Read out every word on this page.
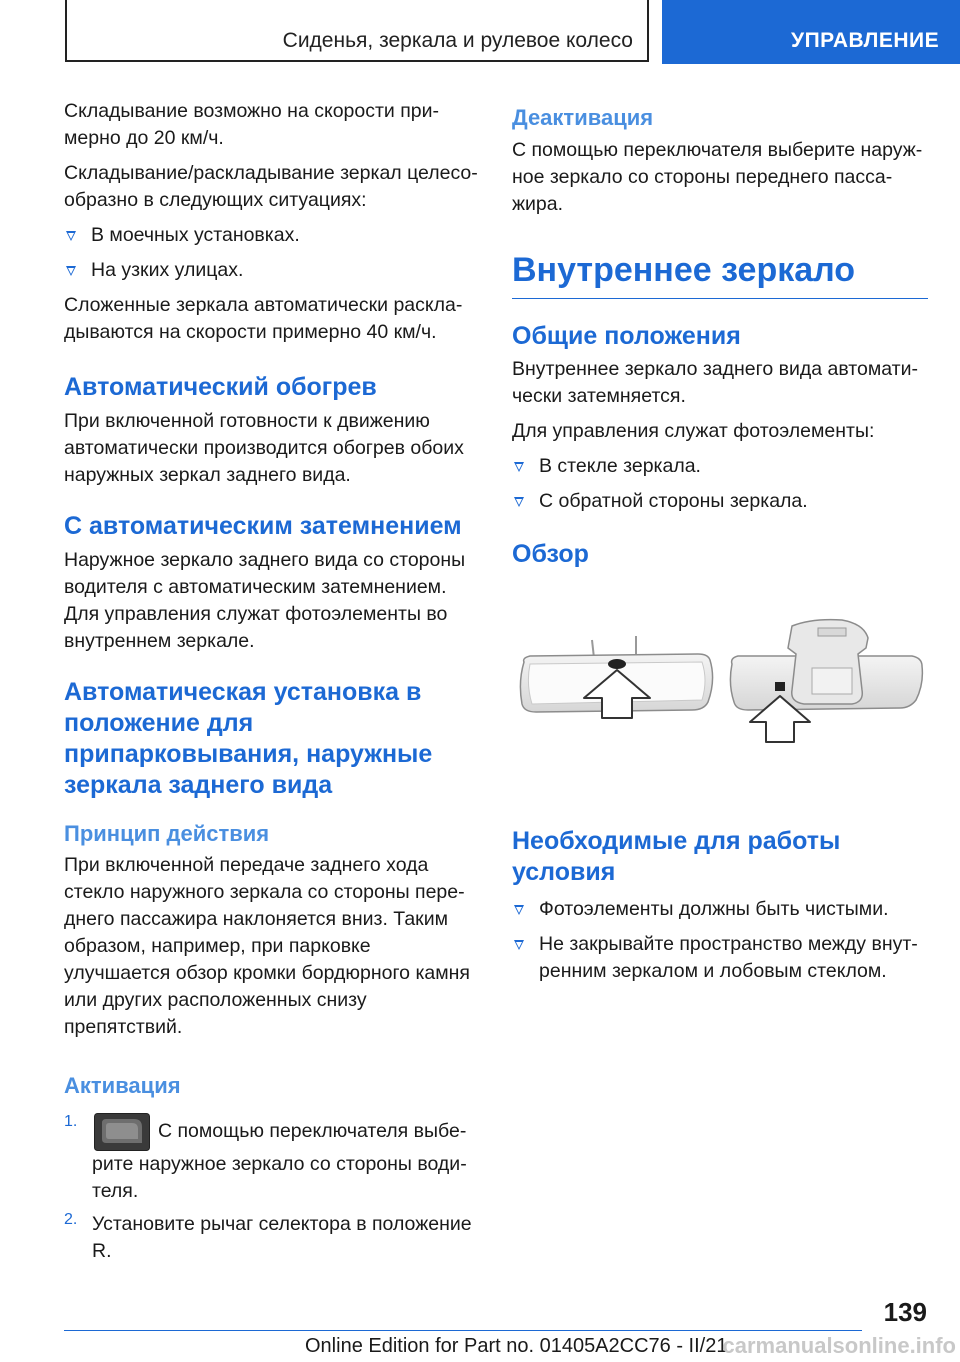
Сиденья, зеркала и рулевое колесо	УПРАВЛЕНИЕ

Складывание возможно на скорости примерно до 20 км/ч.

Складывание/раскладывание зеркал целесообразно в следующих ситуациях:

В моечных установках.

На узких улицах.

Сложенные зеркала автоматически раскладываются на скорости примерно 40 км/ч.

Автоматический обогрев

При включенной готовности к движению автоматически производится обогрев обоих наружных зеркал заднего вида.

С автоматическим затемнением

Наружное зеркало заднего вида со стороны водителя с автоматическим затемнением. Для управления служат фотоэлементы во внутреннем зеркале.

Автоматическая установка в положение для припарковывания, наружные зеркала заднего вида
Принцип действия

При включенной передаче заднего хода стекло наружного зеркала со стороны переднего пассажира наклоняется вниз. Таким образом, например, при парковке улучшается обзор кромки бордюрного камня или других расположенных снизу препятствий.

Активация
1.	С помощью переключателя выберите наружное зеркало со стороны водителя.

2. Установите рычаг селектора в положение R.

Деактивация

С помощью переключателя выберите наружное зеркало со стороны переднего пассажира.

Внутреннее зеркало
Общие положения

Внутреннее зеркало заднего вида автоматически затемняется.

Для управления служат фотоэлементы:

В стекле зеркала.

С обратной стороны зеркала.

Обзор
Необходимые для работы условия

Фотоэлементы должны быть чистыми.

Не закрывайте пространство между внутренним зеркалом и лобовым стеклом.

139
Online Edition for Part no. 01405A2CC76 - II/21
carmanualsonline.info
